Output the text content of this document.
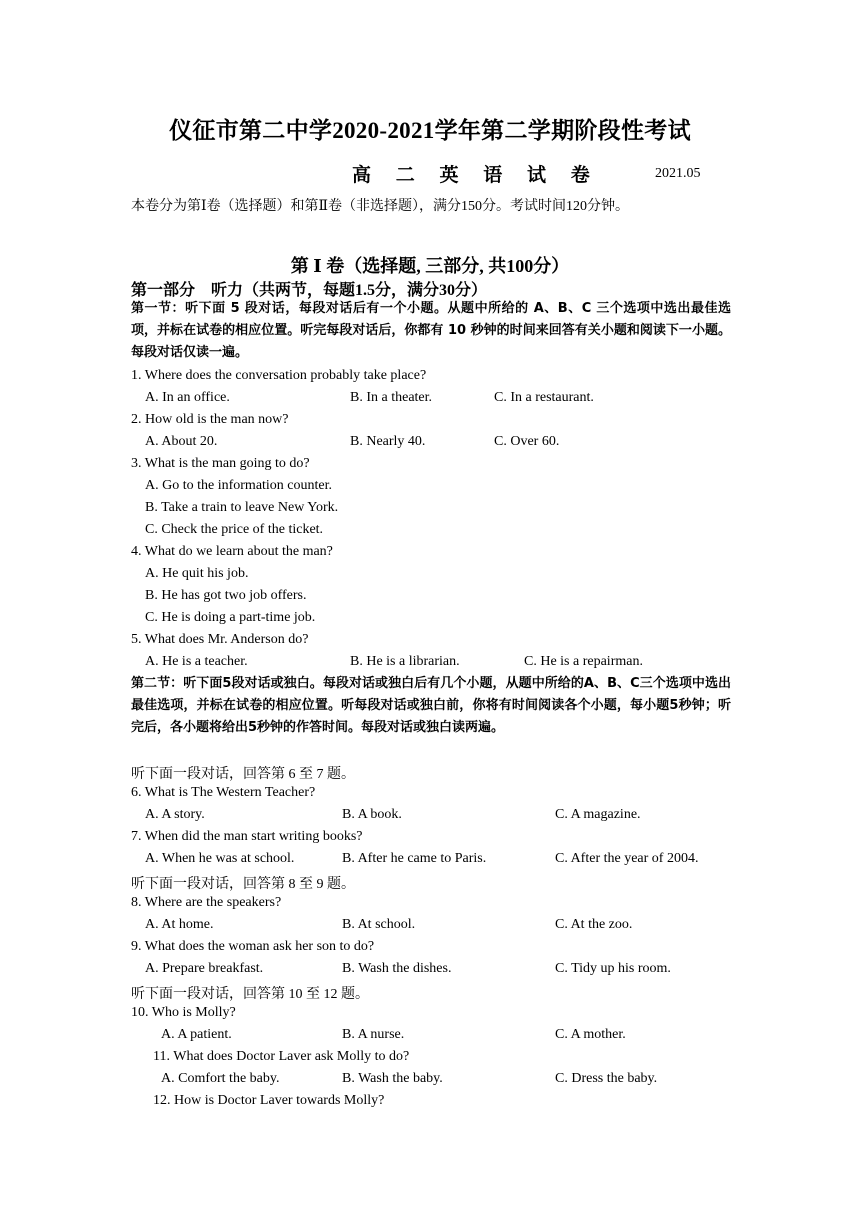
仪征市第二中学2020-2021学年第二学期阶段性考试
高 二 英 语 试 卷	2021.05
本卷分为第Ⅰ卷（选择题）和第Ⅱ卷（非选择题），满分150分。考试时间120分钟。
第 Ⅰ 卷（选择题, 三部分, 共100分）
第一部分　听力（共两节，每题1.5分，满分30分）
第一节：听下面 5 段对话，每段对话后有一个小题。从题中所给的 A、B、C 三个选项中选出最佳选项，并标在试卷的相应位置。听完每段对话后，你都有 10 秒钟的时间来回答有关小题和阅读下一小题。每段对话仅读一遍。
1. Where does the conversation probably take place?
A. In an office.	B. In a theater.	C. In a restaurant.
2. How old is the man now?
A. About 20.	B. Nearly 40.	C. Over 60.
3. What is the man going to do?
A. Go to the information counter.
B. Take a train to leave New York.
C. Check the price of the ticket.
4. What do we learn about the man?
A. He quit his job.
B. He has got two job offers.
C. He is doing a part-time job.
5. What does Mr. Anderson do?
A. He is a teacher.	B. He is a librarian.	C. He is a repairman.
第二节：听下面5段对话或独白。每段对话或独白后有几个小题，从题中所给的A、B、C三个选项中选出最佳选项，并标在试卷的相应位置。听每段对话或独白前，你将有时间阅读各个小题，每小题5秒钟；听完后，各小题将给出5秒钟的作答时间。每段对话或独白读两遍。
听下面一段对话，回答第 6 至 7 题。
6. What is The Western Teacher?
A. A story.	B. A book.	C. A magazine.
7. When did the man start writing books?
A. When he was at school.	B. After he came to Paris.	C. After the year of 2004.
听下面一段对话，回答第 8 至 9 题。
8. Where are the speakers?
A. At home.	B. At school.	C. At the zoo.
9. What does the woman ask her son to do?
A. Prepare breakfast.	B. Wash the dishes.	C. Tidy up his room.
听下面一段对话，回答第 10 至 12 题。
10. Who is Molly?
A. A patient.	B. A nurse.	C. A mother.
11. What does Doctor Laver ask Molly to do?
A. Comfort the baby.	B. Wash the baby.	C. Dress the baby.
12. How is Doctor Laver towards Molly?
